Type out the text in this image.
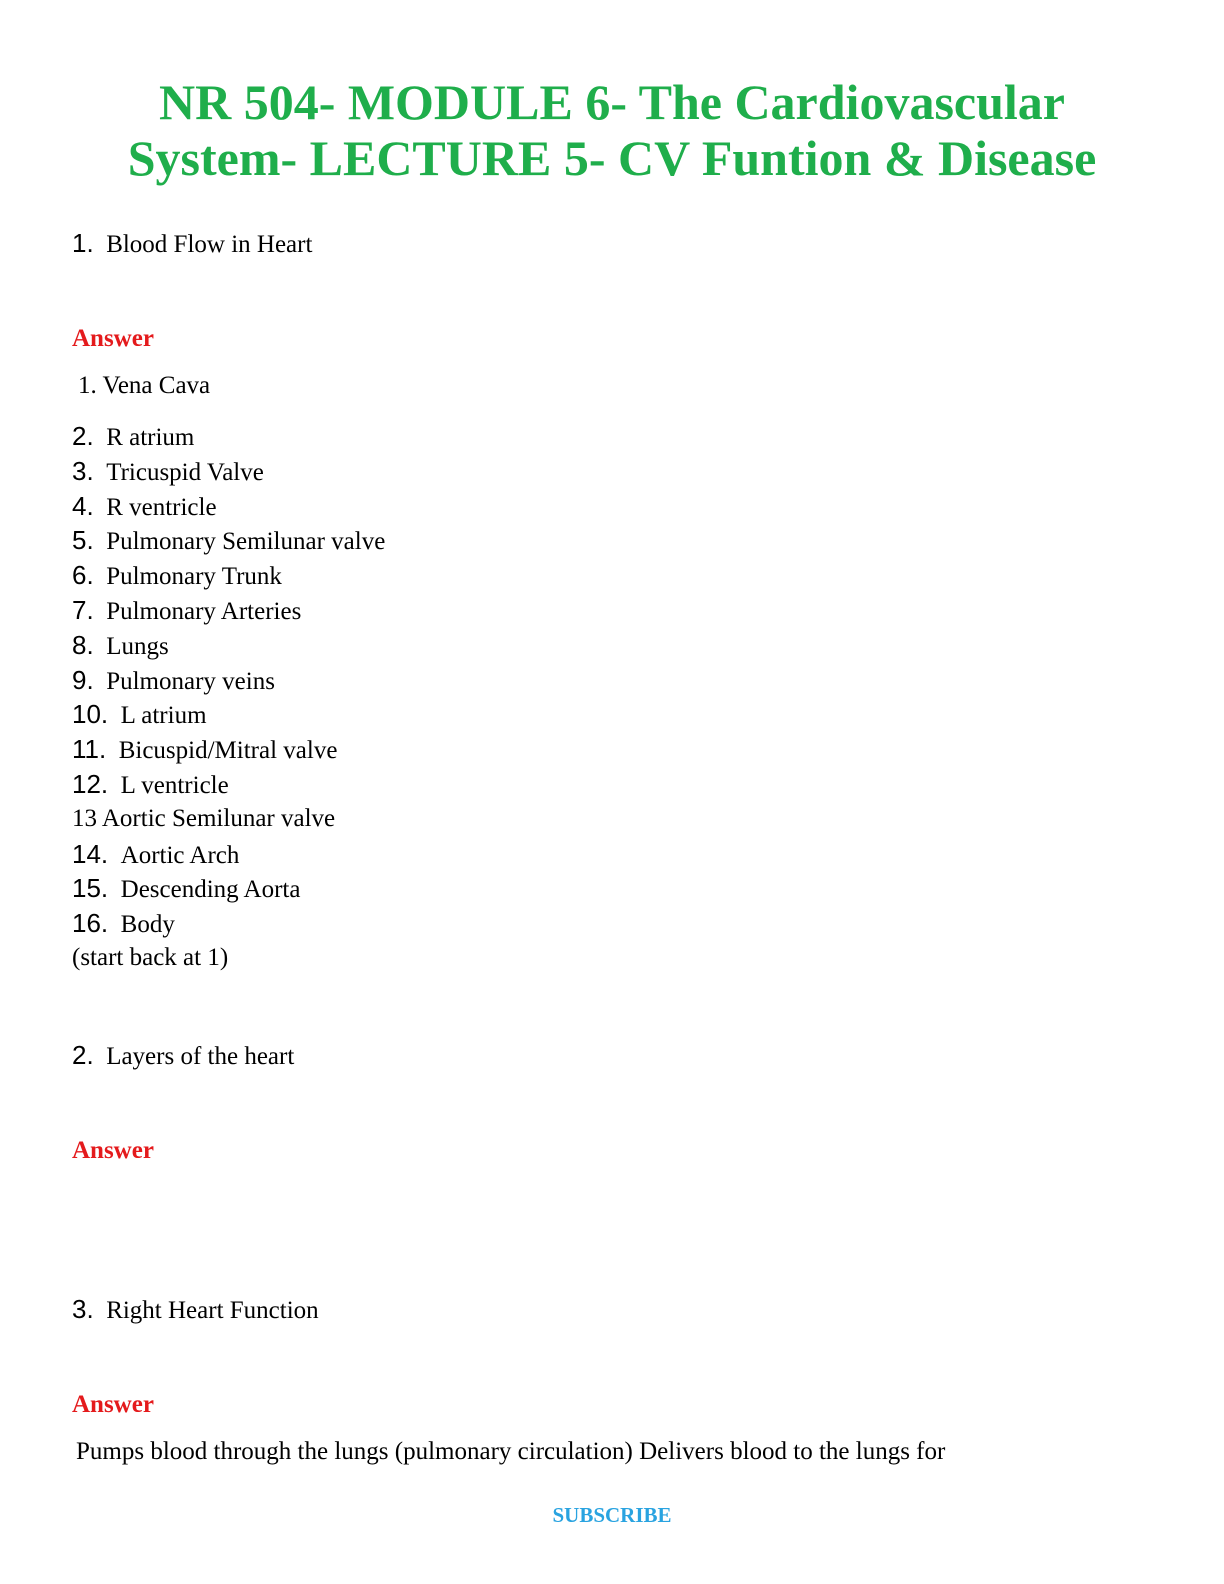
NR 504- MODULE 6- The Cardiovascular
System- LECTURE 5- CV Funtion & Disease
1. Blood Flow in Heart
Answer
1. Vena Cava
2. R atrium
3. Tricuspid Valve
4. R ventricle
5. Pulmonary Semilunar valve
6. Pulmonary Trunk
7. Pulmonary Arteries
8. Lungs
9. Pulmonary veins
10. L atrium
11. Bicuspid/Mitral valve
12. L ventricle
13 Aortic Semilunar valve
14. Aortic Arch
15. Descending Aorta
16. Body
(start back at 1)
2. Layers of the heart
Answer
3. Right Heart Function
Answer
Pumps blood through the lungs (pulmonary circulation) Delivers blood to the lungs for
SUBSCRIBE
